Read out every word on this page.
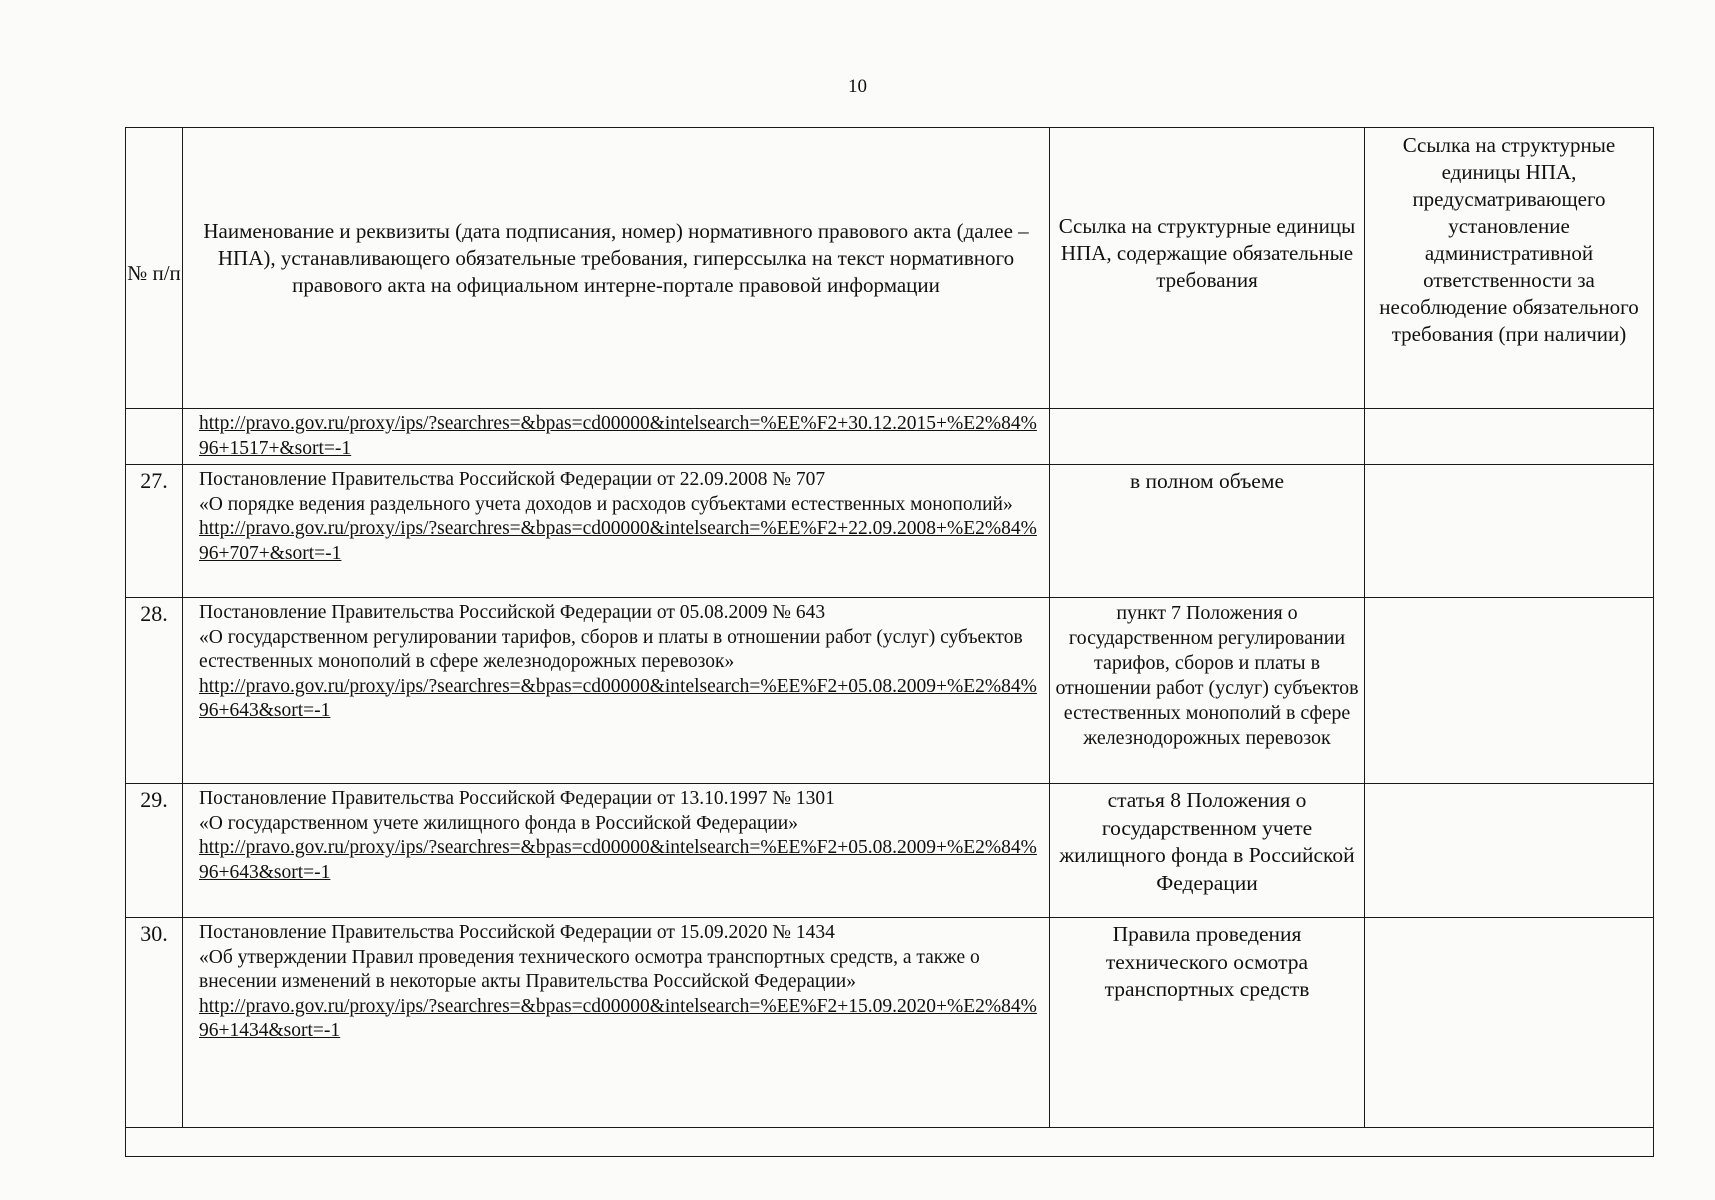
10
№ п/п	Наименование и реквизиты (дата подписания, номер) нормативного правового акта (далее – НПА), устанавливающего обязательные требования, гиперссылка на текст нормативного правового акта на официальном интерне-портале правовой информации	Ссылка на структурные единицы НПА, содержащие обязательные требования	Ссылка на структурные единицы НПА, предусматривающего установление административной ответственности за несоблюдение обязательного требования (при наличии)

	http://pravo.gov.ru/proxy/ips/?searchres=&bpas=cd00000&intelsearch=%EE%F2+30.12.2015+%E2%84%96+1517+&sort=-1		

27.	Постановление Правительства Российской Федерации от 22.09.2008 № 707
«О порядке ведения раздельного учета доходов и расходов субъектами естественных монополий»
http://pravo.gov.ru/proxy/ips/?searchres=&bpas=cd00000&intelsearch=%EE%F2+22.09.2008+%E2%84%96+707+&sort=-1	в полном объеме	
28.	Постановление Правительства Российской Федерации от 05.08.2009 № 643
«О государственном регулировании тарифов, сборов и платы в отношении работ (услуг) субъектов естественных монополий в сфере железнодорожных перевозок»
http://pravo.gov.ru/proxy/ips/?searchres=&bpas=cd00000&intelsearch=%EE%F2+05.08.2009+%E2%84%96+643&sort=-1	пункт 7 Положения о государственном регулировании тарифов, сборов и платы в отношении работ (услуг) субъектов естественных монополий в сфере железнодорожных перевозок	
29.	Постановление Правительства Российской Федерации от 13.10.1997 № 1301
«О государственном учете жилищного фонда в Российской Федерации»
http://pravo.gov.ru/proxy/ips/?searchres=&bpas=cd00000&intelsearch=%EE%F2+05.08.2009+%E2%84%96+643&sort=-1	статья 8 Положения о государственном учете жилищного фонда в Российской Федерации	
30.	Постановление Правительства Российской Федерации от 15.09.2020 № 1434
«Об утверждении Правил проведения технического осмотра транспортных средств, а также о внесении изменений в некоторые акты Правительства Российской Федерации»
http://pravo.gov.ru/proxy/ips/?searchres=&bpas=cd00000&intelsearch=%EE%F2+15.09.2020+%E2%84%96+1434&sort=-1	Правила проведения технического осмотра транспортных средств	
